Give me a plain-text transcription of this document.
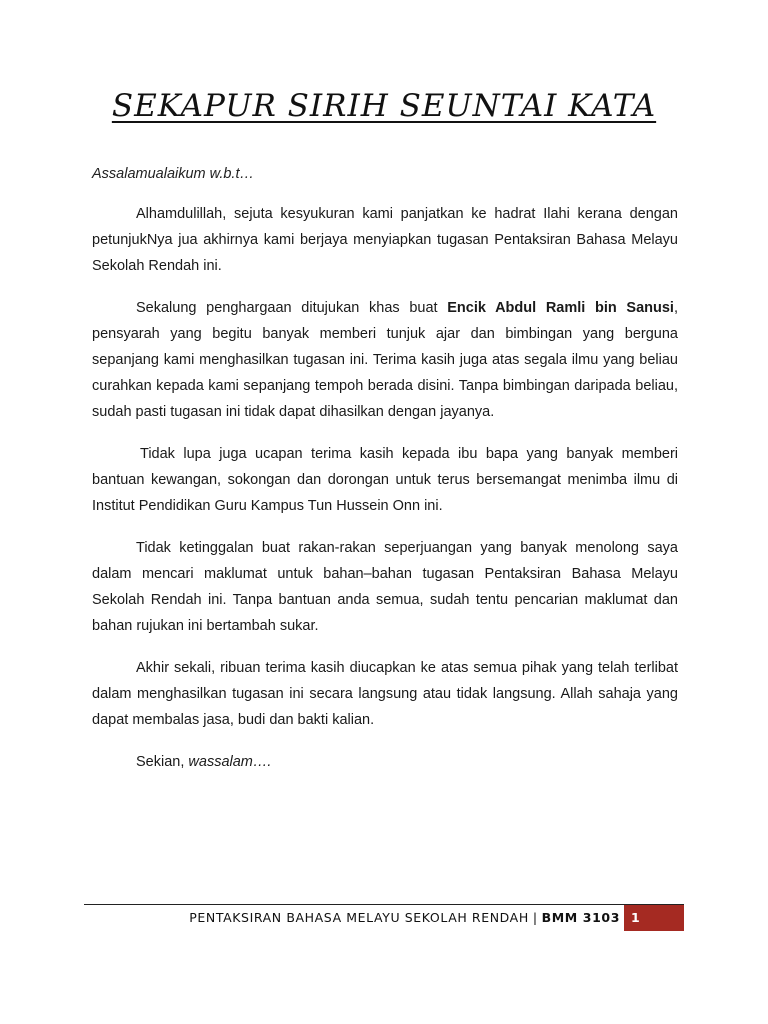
SEKAPUR SIRIH SEUNTAI KATA
Assalamualaikum w.b.t…

Alhamdulillah, sejuta kesyukuran kami panjatkan ke hadrat Ilahi kerana dengan petunjukNya jua akhirnya kami berjaya menyiapkan tugasan Pentaksiran Bahasa Melayu Sekolah Rendah ini.

Sekalung penghargaan ditujukan khas buat Encik Abdul Ramli bin Sanusi, pensyarah yang begitu banyak memberi tunjuk ajar dan bimbingan yang berguna sepanjang kami menghasilkan tugasan ini. Terima kasih juga atas segala ilmu yang beliau curahkan kepada kami sepanjang tempoh berada disini. Tanpa bimbingan daripada beliau, sudah pasti tugasan ini tidak dapat dihasilkan dengan jayanya.

Tidak lupa juga ucapan terima kasih kepada ibu bapa yang banyak memberi bantuan kewangan, sokongan dan dorongan untuk terus bersemangat menimba ilmu di Institut Pendidikan Guru Kampus Tun Hussein Onn ini.

Tidak ketinggalan buat rakan-rakan seperjuangan yang banyak menolong saya dalam mencari maklumat untuk bahan–bahan tugasan Pentaksiran Bahasa Melayu Sekolah Rendah ini. Tanpa bantuan anda semua, sudah tentu pencarian maklumat dan bahan rujukan ini bertambah sukar.

Akhir sekali, ribuan terima kasih diucapkan ke atas semua pihak yang telah terlibat dalam menghasilkan tugasan ini secara langsung atau tidak langsung. Allah sahaja yang dapat membalas jasa, budi dan bakti kalian.

Sekian, wassalam….

PENTAKSIRAN BAHASA MELAYU SEKOLAH RENDAH | BMM 3103 1
